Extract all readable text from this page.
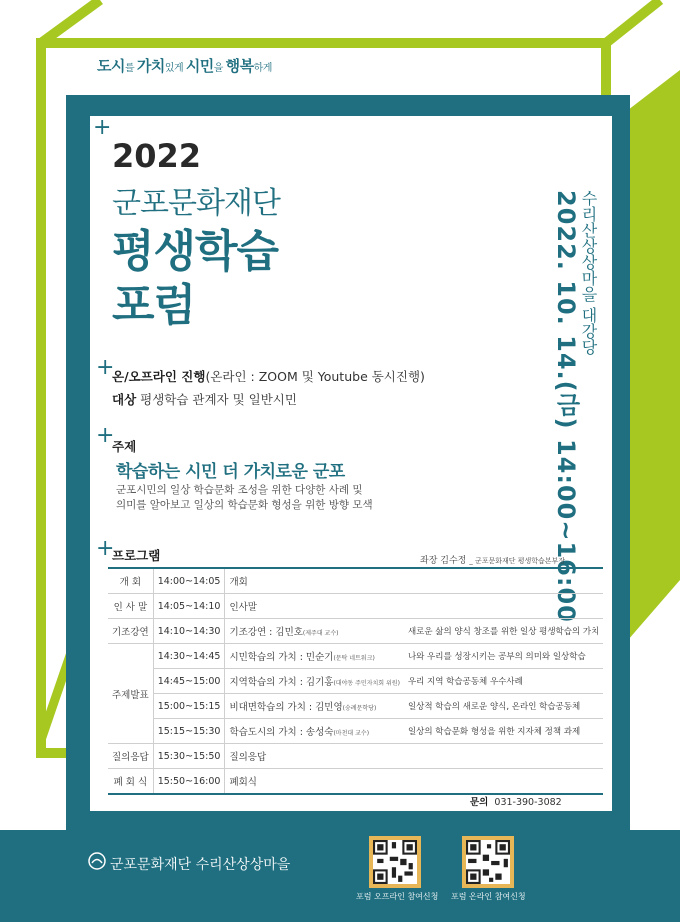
도시를 가치있게 시민을 행복하게
+
2022
군포문화재단
평생학습
포럼
+
온/오프라인 진행(온라인 : ZOOM 및 Youtube 동시진행)
대상 평생학습 관계자 및 일반시민
+
주제
학습하는 시민 더 가치로운 군포
군포시민의 일상 학습문화 조성을 위한 다양한 사례 및
의미를 알아보고 일상의 학습문화 형성을 위한 방향 모색	2022. 10. 14.(금) 14:00~16:00 수리산상상마을 대강당
+
프로그램	좌장 김수정 _ 군포문화재단 평생학습본부장
개 회	14:00~14:05	개회	
인 사 말	14:05~14:10	인사말	
기조강연	14:10~14:30	기조강연 : 김민호(제주대 교수)	새로운 삶의 양식 창조를 위한 일상 평생학습의 가치
주제발표	14:30~14:45	시민학습의 가치 : 민순기(문탁 네트워크)	나와 우리를 성장시키는 공부의 의미와 일상학습
	14:45~15:00	지역학습의 가치 : 김기홍(대야동 주민자치회 위원)	우리 지역 학습공동체 우수사례
	15:00~15:15	비대면학습의 가치 : 김민영(숭례문학당)	일상적 학습의 새로운 양식, 온라인 학습공동체
	15:15~15:30	학습도시의 가치 : 송성숙(마천대 교수)	일상의 학습문화 형성을 위한 지자체 정책 과제
질의응답	15:30~15:50	질의응답	
폐 회 식	15:50~16:00	폐회식	
문의 031-390-3082
군포문화재단 수리산상상마을
포럼 오프라인 참여신청 포럼 온라인 참여신청
